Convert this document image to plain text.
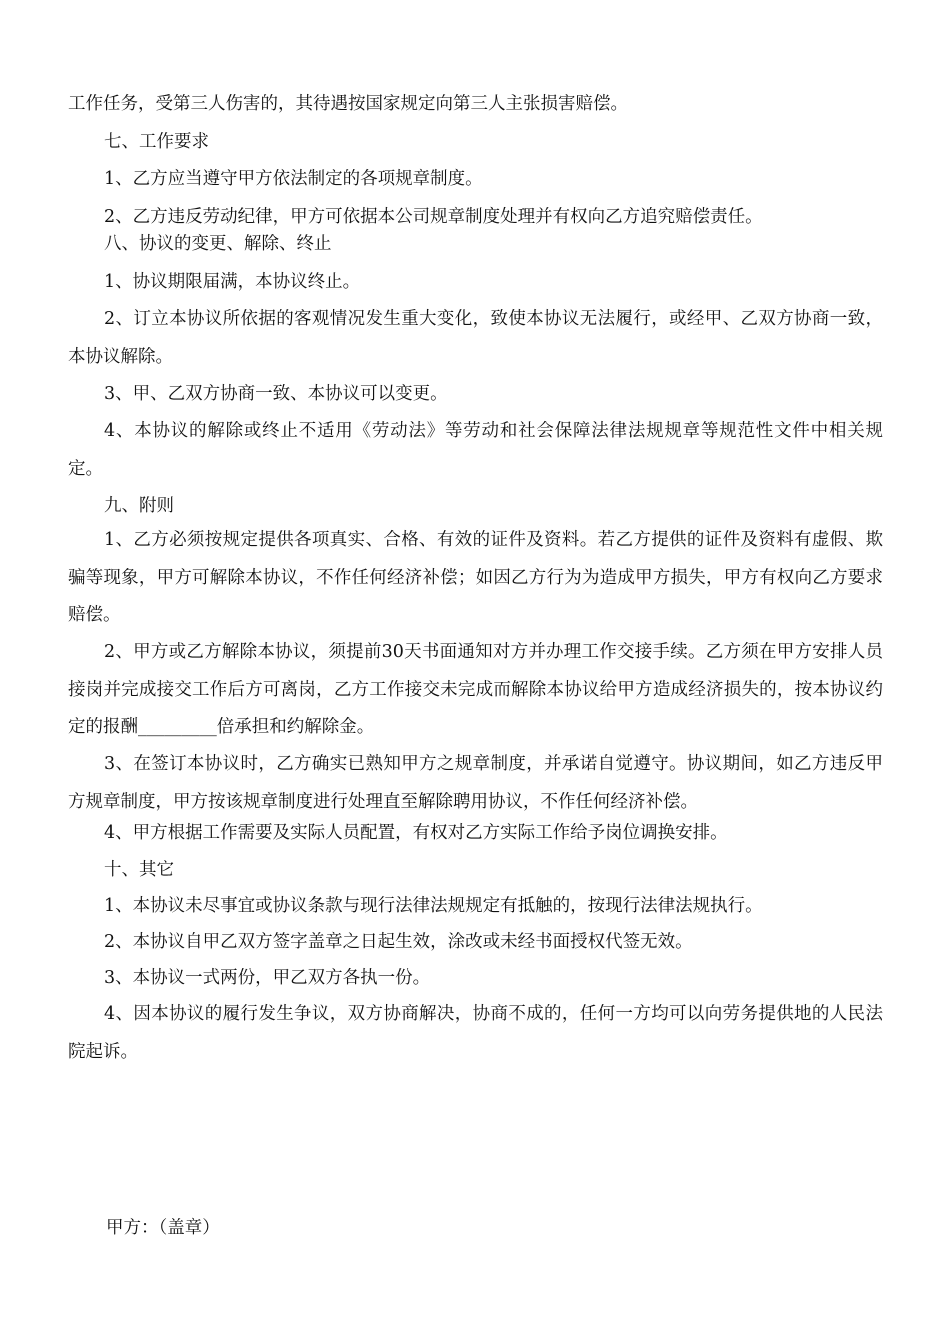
工作任务，受第三人伤害的，其待遇按国家规定向第三人主张损害赔偿。

七、工作要求

1、乙方应当遵守甲方依法制定的各项规章制度。

2、乙方违反劳动纪律，甲方可依据本公司规章制度处理并有权向乙方追究赔偿责任。

八、协议的变更、解除、终止

1、协议期限届满，本协议终止。

2、订立本协议所依据的客观情况发生重大变化，致使本协议无法履行，或经甲、乙双方协商一致，本协议解除。

3、甲、乙双方协商一致、本协议可以变更。

4、本协议的解除或终止不适用《劳动法》等劳动和社会保障法律法规规章等规范性文件中相关规定。

九、附则

1、乙方必须按规定提供各项真实、合格、有效的证件及资料。若乙方提供的证件及资料有虚假、欺骗等现象，甲方可解除本协议，不作任何经济补偿；如因乙方行为为造成甲方损失，甲方有权向乙方要求赔偿。

2、甲方或乙方解除本协议，须提前30天书面通知对方并办理工作交接手续。乙方须在甲方安排人员接岗并完成接交工作后方可离岗，乙方工作接交未完成而解除本协议给甲方造成经济损失的，按本协议约定的报酬_________倍承担和约解除金。

3、在签订本协议时，乙方确实已熟知甲方之规章制度，并承诺自觉遵守。协议期间，如乙方违反甲方规章制度，甲方按该规章制度进行处理直至解除聘用协议，不作任何经济补偿。

4、甲方根据工作需要及实际人员配置，有权对乙方实际工作给予岗位调换安排。

十、其它

1、本协议未尽事宜或协议条款与现行法律法规规定有抵触的，按现行法律法规执行。

2、本协议自甲乙双方签字盖章之日起生效，涂改或未经书面授权代签无效。

3、本协议一式两份，甲乙双方各执一份。

4、因本协议的履行发生争议，双方协商解决，协商不成的，任何一方均可以向劳务提供地的人民法院起诉。

甲方：（盖章）
